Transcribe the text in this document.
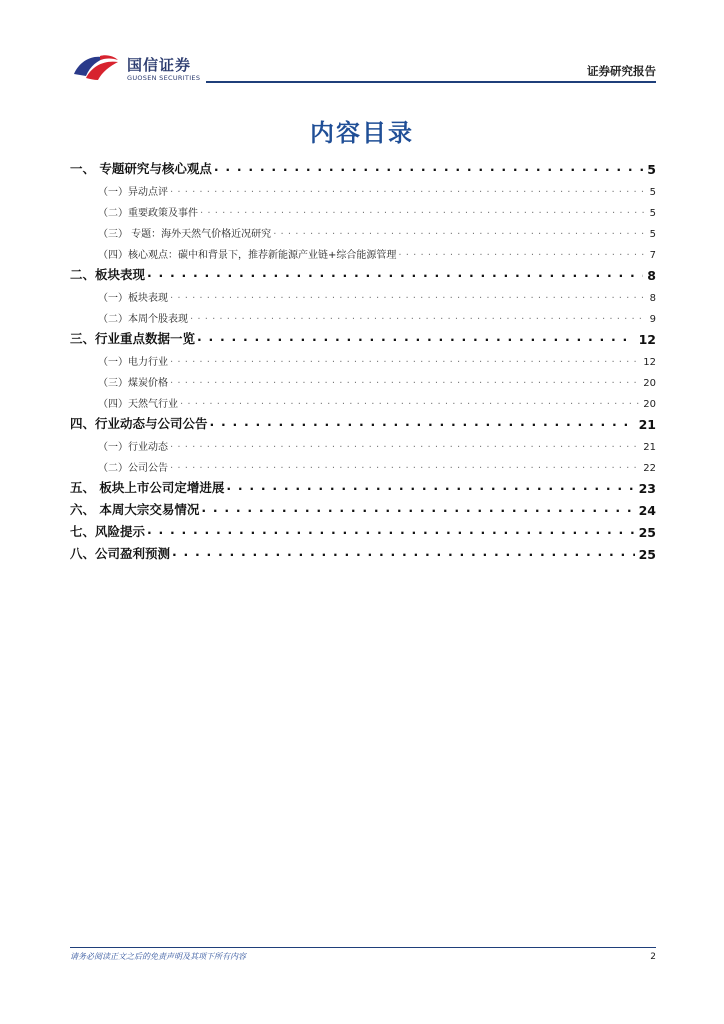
国信证券
GUOSEN SECURITIES	证券研究报告
内容目录
一、 专题研究与核心观点 . . .	5
（一）异动点评 . . .	5
（二）重要政策及事件 . . .	5
（三） 专题：海外天然气价格近况研究 . . .	5
（四）核心观点：碳中和背景下，推荐新能源产业链+综合能源管理 . . .	7
二、板块表现 . . .	8
（一）板块表现 . . .	8
（二）本周个股表现 . . .	9
三、行业重点数据一览 . . .	12
（一）电力行业 . . .	12
（三）煤炭价格 . . .	20
（四）天然气行业 . . .	20
四、行业动态与公司公告 . . .	21
（一）行业动态 . . .	21
（二）公司公告 . . .	22
五、 板块上市公司定增进展 . . .	23
六、 本周大宗交易情况 . . .	24
七、风险提示 . . .	25
八、公司盈利预测 . . .	25
请务必阅读正文之后的免责声明及其项下所有内容	2
